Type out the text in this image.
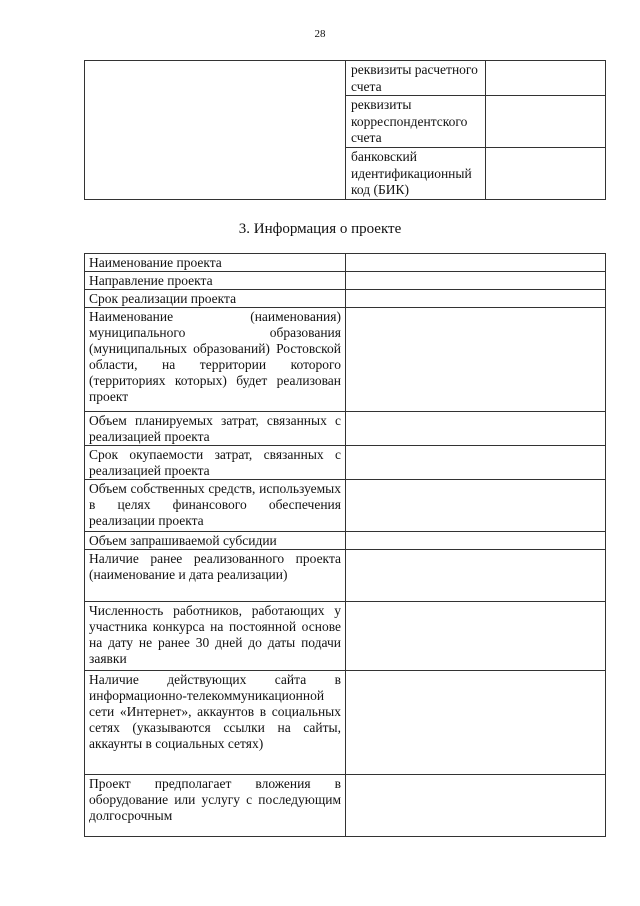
28
	реквизиты расчетного счета	
	реквизиты корреспондентского счета	
	банковский идентификационный код (БИК)	
3. Информация о проекте
Наименование проекта	
Направление проекта	
Срок реализации проекта	
Наименование (наименования) муниципального образования (муниципальных образований) Ростовской области, на территории которого (территориях которых) будет реализован проект	
Объем планируемых затрат, связанных с реализацией проекта	
Срок окупаемости затрат, связанных с реализацией проекта	
Объем собственных средств, используемых в целях финансового обеспечения реализации проекта	
Объем запрашиваемой субсидии	
Наличие ранее реализованного проекта (наименование и дата реализации)	
Численность работников, работающих у участника конкурса на постоянной основе на дату не ранее 30 дней до даты подачи заявки	
Наличие действующих сайта в информационно-телекоммуникационной сети «Интернет», аккаунтов в социальных сетях (указываются ссылки на сайты, аккаунты в социальных сетях)	
Проект предполагает вложения в оборудование или услугу с последующим долгосрочным	
